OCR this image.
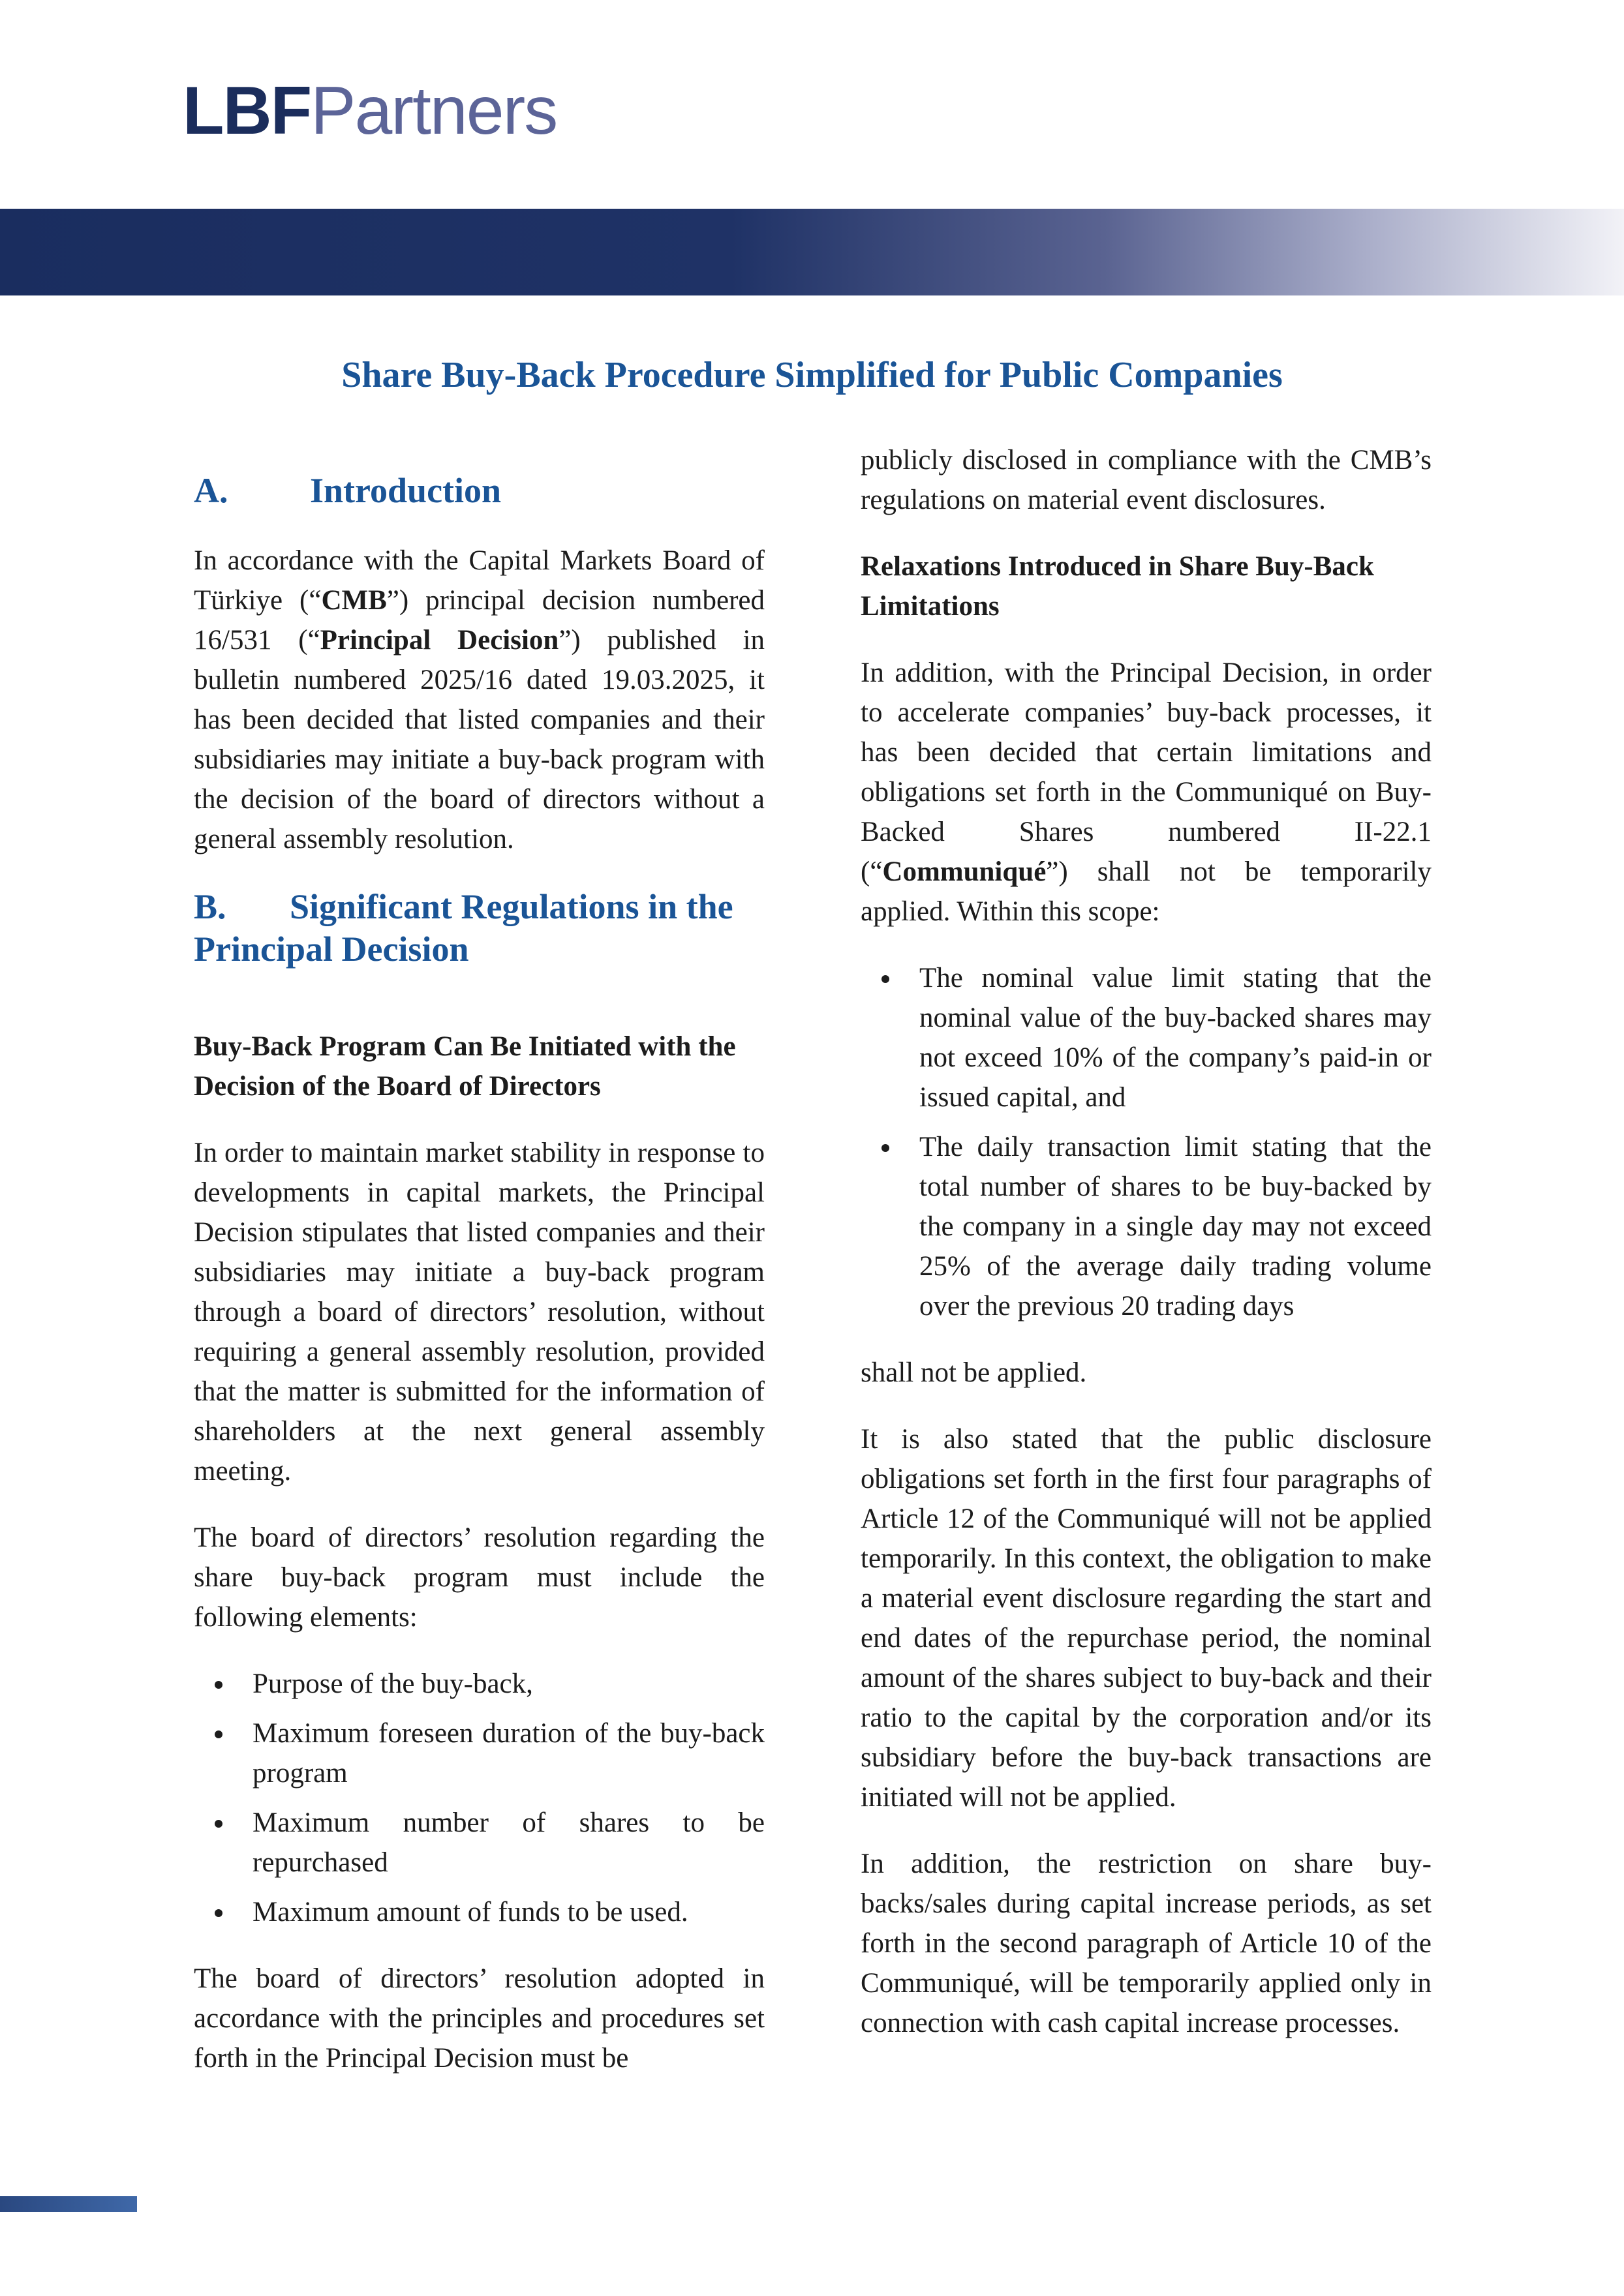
LBFPartners
Share Buy-Back Procedure Simplified for Public Companies
A.	Introduction

In accordance with the Capital Markets Board of Türkiye (“CMB”) principal decision numbered 16/531 (“Principal Decision”) published in bulletin numbered 2025/16 dated 19.03.2025, it has been decided that listed companies and their subsidiaries may initiate a buy-back program with the decision of the board of directors without a general assembly resolution.

B.	Significant Regulations in the Principal Decision
Buy-Back Program Can Be Initiated with the Decision of the Board of Directors

In order to maintain market stability in response to developments in capital markets, the Principal Decision stipulates that listed companies and their subsidiaries may initiate a buy-back program through a board of directors’ resolution, without requiring a general assembly resolution, provided that the matter is submitted for the information of shareholders at the next general assembly meeting.

The board of directors’ resolution regarding the share buy-back program must include the following elements:

Purpose of the buy-back,
Maximum foreseen duration of the buy-back program
Maximum number of shares to be repurchased
Maximum amount of funds to be used.

The board of directors’ resolution adopted in accordance with the principles and procedures set forth in the Principal Decision must be

publicly disclosed in compliance with the CMB’s regulations on material event disclosures.

Relaxations Introduced in Share Buy-Back Limitations

In addition, with the Principal Decision, in order to accelerate companies’ buy-back processes, it has been decided that certain limitations and obligations set forth in the Communiqué on Buy-Backed Shares numbered II-22.1 (“Communiqué”) shall not be temporarily applied. Within this scope:

The nominal value limit stating that the nominal value of the buy-backed shares may not exceed 10% of the company’s paid-in or issued capital, and
The daily transaction limit stating that the total number of shares to be buy-backed by the company in a single day may not exceed 25% of the average daily trading volume over the previous 20 trading days

shall not be applied.

It is also stated that the public disclosure obligations set forth in the first four paragraphs of Article 12 of the Communiqué will not be applied temporarily. In this context, the obligation to make a material event disclosure regarding the start and end dates of the repurchase period, the nominal amount of the shares subject to buy-back and their ratio to the capital by the corporation and/or its subsidiary before the buy-back transactions are initiated will not be applied.

In addition, the restriction on share buy-backs/sales during capital increase periods, as set forth in the second paragraph of Article 10 of the Communiqué, will be temporarily applied only in connection with cash capital increase processes.
